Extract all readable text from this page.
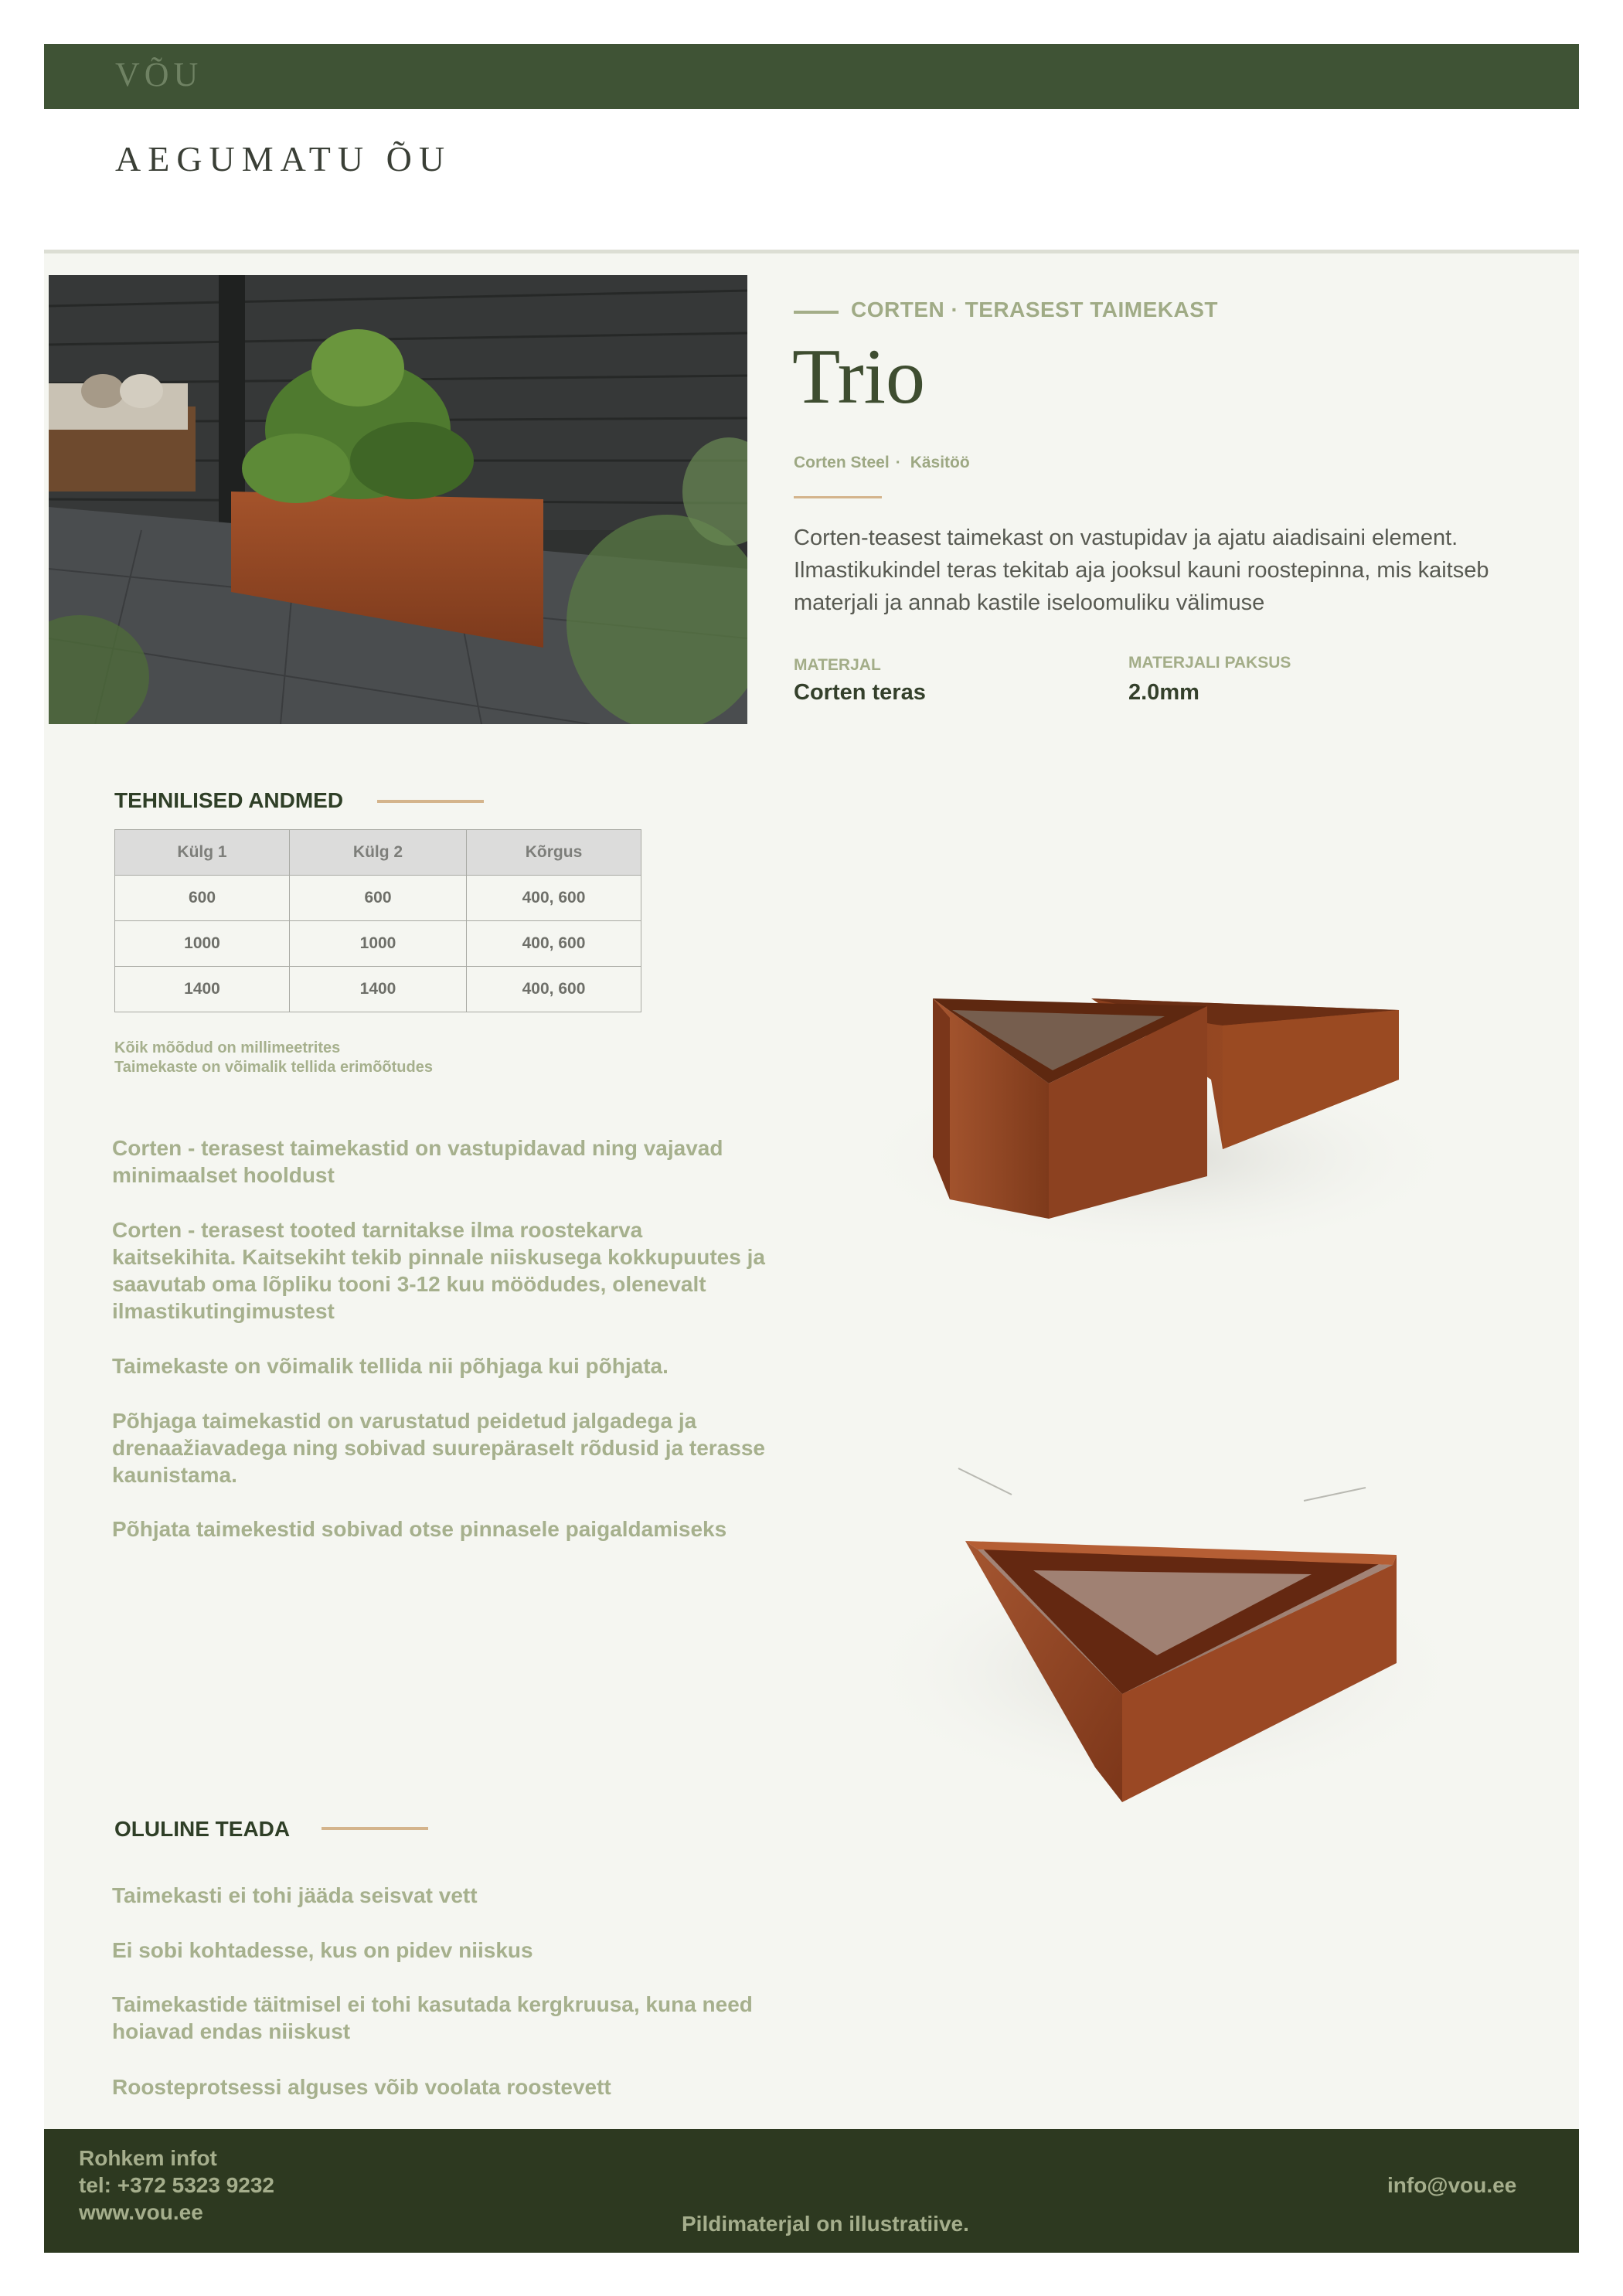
VÕU
AEGUMATU ÕU
CORTEN · TERASEST TAIMEKAST
Trio
Corten Steel · Käsitöö
Corten-teasest taimekast on vastupidav ja ajatu aiadisaini element. Ilmastikukindel teras tekitab aja jooksul kauni roostepinna, mis kaitseb materjali ja annab kastile iseloomuliku välimuse
MATERJAL
Corten teras
MATERJALI PAKSUS
2.0mm
TEHNILISED ANDMED
Külg 1	Külg 2	Kõrgus
600	600	400, 600
1000	1000	400, 600
1400	1400	400, 600
Kõik mõõdud on millimeetrites
Taimekaste on võimalik tellida erimõõtudes
Corten - terasest taimekastid on vastupidavad ning vajavad minimaalset hooldust
Corten - terasest tooted tarnitakse ilma roostekarva kaitsekihita. Kaitsekiht tekib pinnale niiskusega kokkupuutes ja saavutab oma lõpliku tooni 3-12 kuu möödudes, olenevalt ilmastikutingimustest
Taimekaste on võimalik tellida nii põhjaga kui põhjata.
Põhjaga taimekastid on varustatud peidetud jalgadega ja drenaažiavadega ning sobivad suurepäraselt rõdusid ja terasse kaunistama.
Põhjata taimekestid sobivad otse pinnasele paigaldamiseks
OLULINE TEADA
Taimekasti ei tohi jääda seisvat vett
Ei sobi kohtadesse, kus on pidev niiskus
Taimekastide täitmisel ei tohi kasutada kergkruusa, kuna need hoiavad endas niiskust
Roosteprotsessi alguses võib voolata roostevett
Rohkem infot
tel: +372 5323 9232
www.vou.ee
info@vou.ee
Pildimaterjal on illustratiive.
